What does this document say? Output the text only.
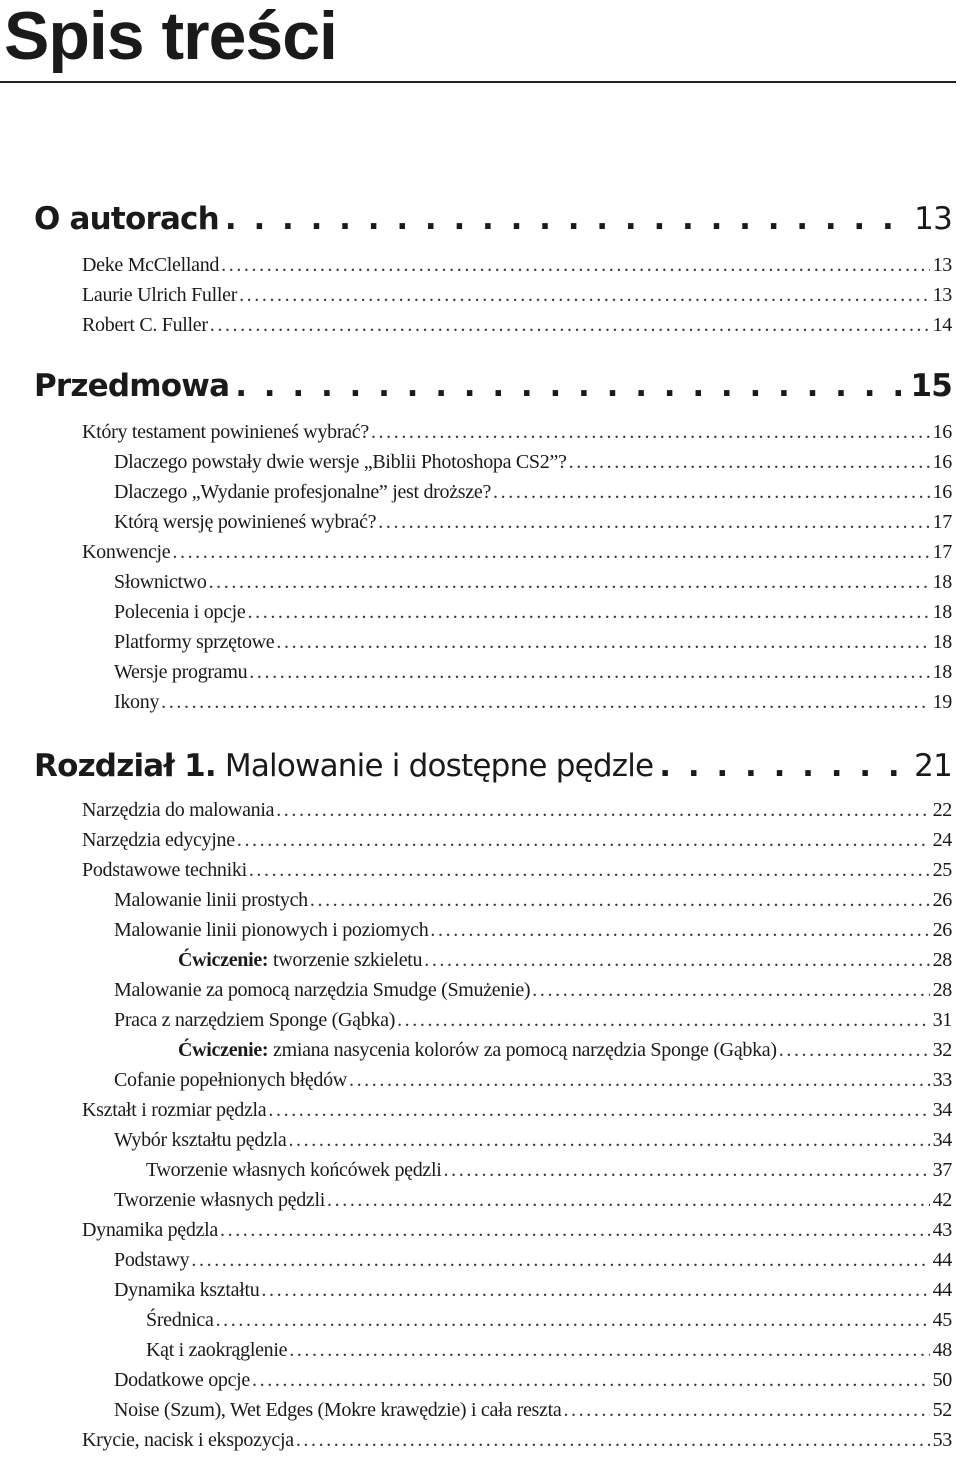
Spis treści
O autorach . . .	13
Deke McClelland .....	13
Laurie Ulrich Fuller .....	13
Robert C. Fuller .....	14
Przedmowa . . .	15
Który testament powinieneś wybrać? .....	16
Dlaczego powstały dwie wersje „Biblii Photoshopa CS2”? .....	16
Dlaczego „Wydanie profesjonalne” jest droższe? .....	16
Którą wersję powinieneś wybrać? .....	17
Konwencje .....	17
Słownictwo .....	18
Polecenia i opcje .....	18
Platformy sprzętowe .....	18
Wersje programu .....	18
Ikony .....	19
Rozdział 1. Malowanie i dostępne pędzle . . .	21
Narzędzia do malowania .....	22
Narzędzia edycyjne .....	24
Podstawowe techniki .....	25
Malowanie linii prostych .....	26
Malowanie linii pionowych i poziomych .....	26
Ćwiczenie: tworzenie szkieletu .....	28
Malowanie za pomocą narzędzia Smudge (Smużenie) .....	28
Praca z narzędziem Sponge (Gąbka) .....	31
Ćwiczenie: zmiana nasycenia kolorów za pomocą narzędzia Sponge (Gąbka) .....	32
Cofanie popełnionych błędów .....	33
Kształt i rozmiar pędzla .....	34
Wybór kształtu pędzla .....	34
Tworzenie własnych końcówek pędzli .....	37
Tworzenie własnych pędzli .....	42
Dynamika pędzla .....	43
Podstawy .....	44
Dynamika kształtu .....	44
Średnica .....	45
Kąt i zaokrąglenie .....	48
Dodatkowe opcje .....	50
Noise (Szum), Wet Edges (Mokre krawędzie) i cała reszta .....	52
Krycie, nacisk i ekspozycja .....	53
